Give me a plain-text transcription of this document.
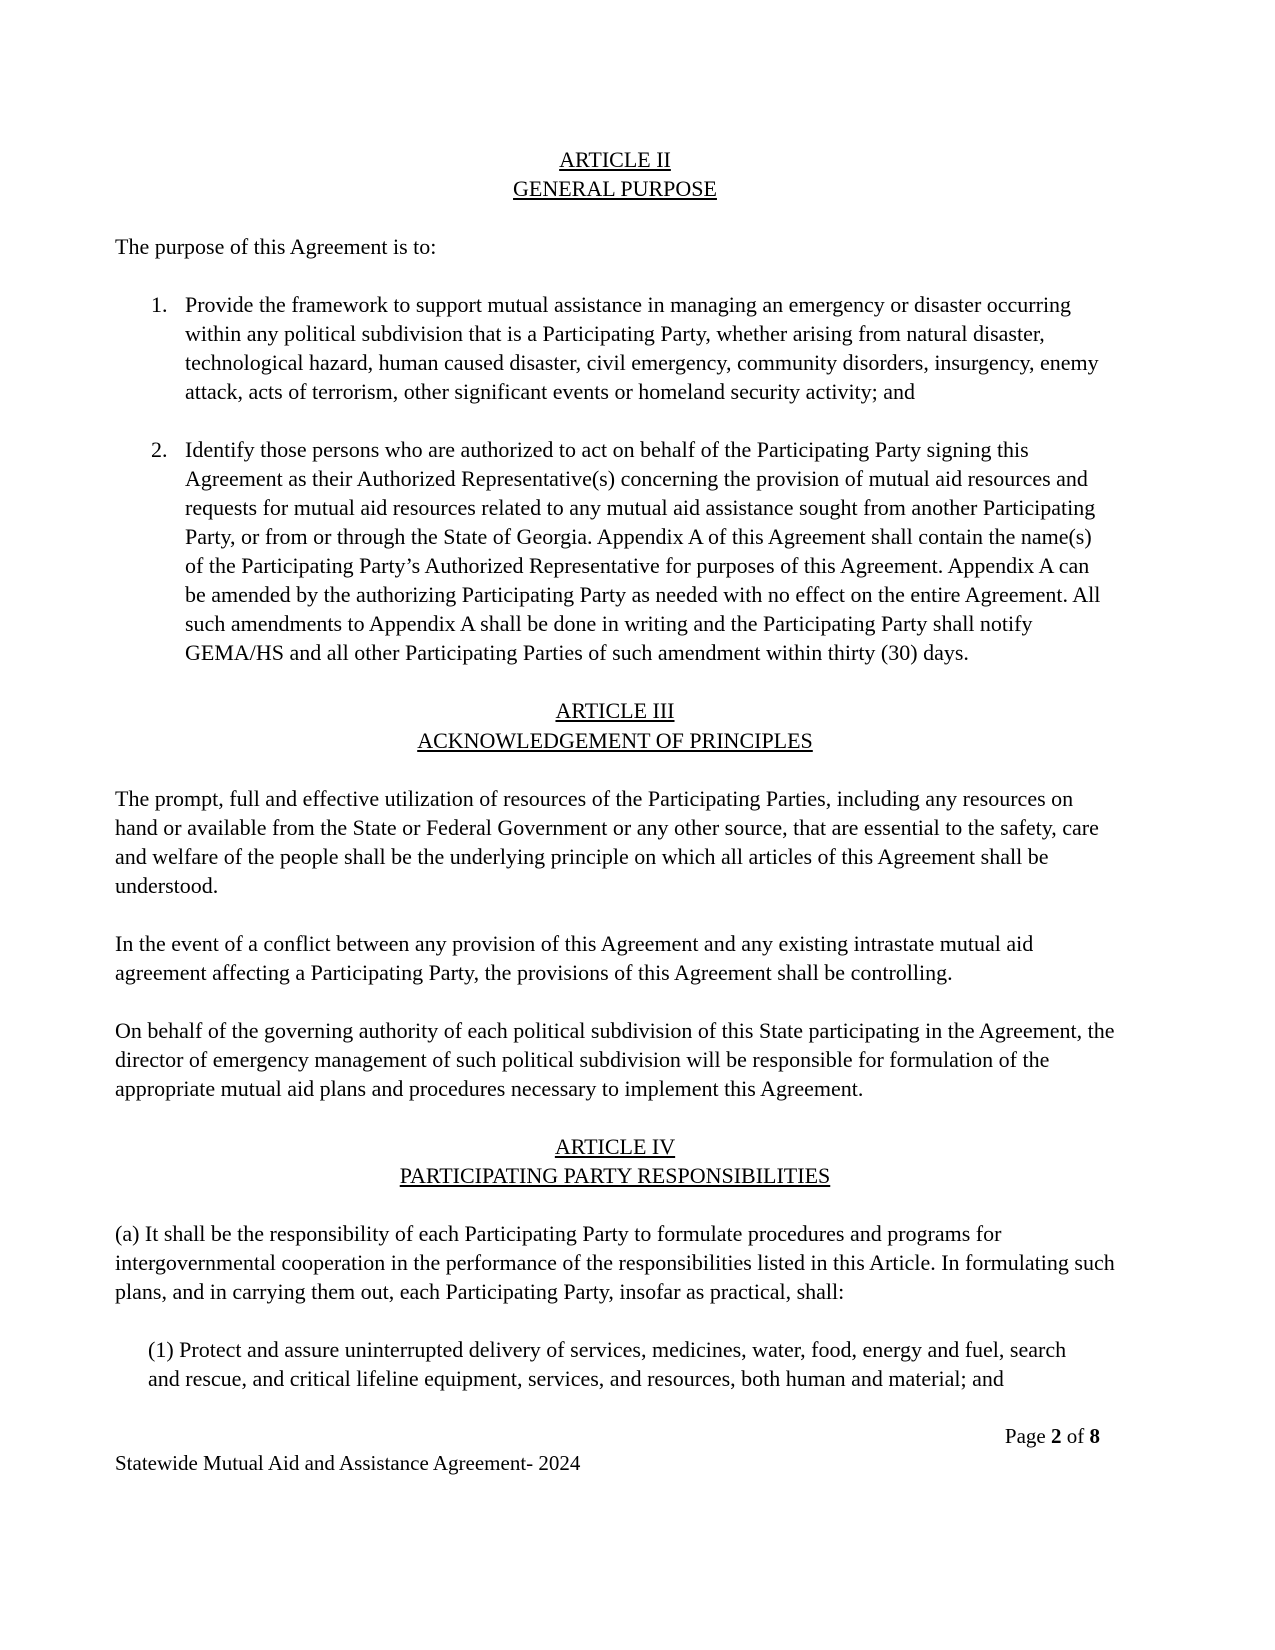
ARTICLE II
GENERAL PURPOSE

The purpose of this Agreement is to:

1. Provide the framework to support mutual assistance in managing an emergency or disaster occurring within any political subdivision that is a Participating Party, whether arising from natural disaster, technological hazard, human caused disaster, civil emergency, community disorders, insurgency, enemy attack, acts of terrorism, other significant events or homeland security activity; and
2. Identify those persons who are authorized to act on behalf of the Participating Party signing this Agreement as their Authorized Representative(s) concerning the provision of mutual aid resources and requests for mutual aid resources related to any mutual aid assistance sought from another Participating Party, or from or through the State of Georgia. Appendix A of this Agreement shall contain the name(s) of the Participating Party’s Authorized Representative for purposes of this Agreement. Appendix A can be amended by the authorizing Participating Party as needed with no effect on the entire Agreement. All such amendments to Appendix A shall be done in writing and the Participating Party shall notify GEMA/HS and all other Participating Parties of such amendment within thirty (30) days.
ARTICLE III
ACKNOWLEDGEMENT OF PRINCIPLES

The prompt, full and effective utilization of resources of the Participating Parties, including any resources on hand or available from the State or Federal Government or any other source, that are essential to the safety, care and welfare of the people shall be the underlying principle on which all articles of this Agreement shall be understood.

In the event of a conflict between any provision of this Agreement and any existing intrastate mutual aid agreement affecting a Participating Party, the provisions of this Agreement shall be controlling.

On behalf of the governing authority of each political subdivision of this State participating in the Agreement, the director of emergency management of such political subdivision will be responsible for formulation of the appropriate mutual aid plans and procedures necessary to implement this Agreement.

ARTICLE IV
PARTICIPATING PARTY RESPONSIBILITIES

(a) It shall be the responsibility of each Participating Party to formulate procedures and programs for intergovernmental cooperation in the performance of the responsibilities listed in this Article. In formulating such plans, and in carrying them out, each Participating Party, insofar as practical, shall:

(1) Protect and assure uninterrupted delivery of services, medicines, water, food, energy and fuel, search and rescue, and critical lifeline equipment, services, and resources, both human and material; and

Page 2 of 8
Statewide Mutual Aid and Assistance Agreement- 2024
